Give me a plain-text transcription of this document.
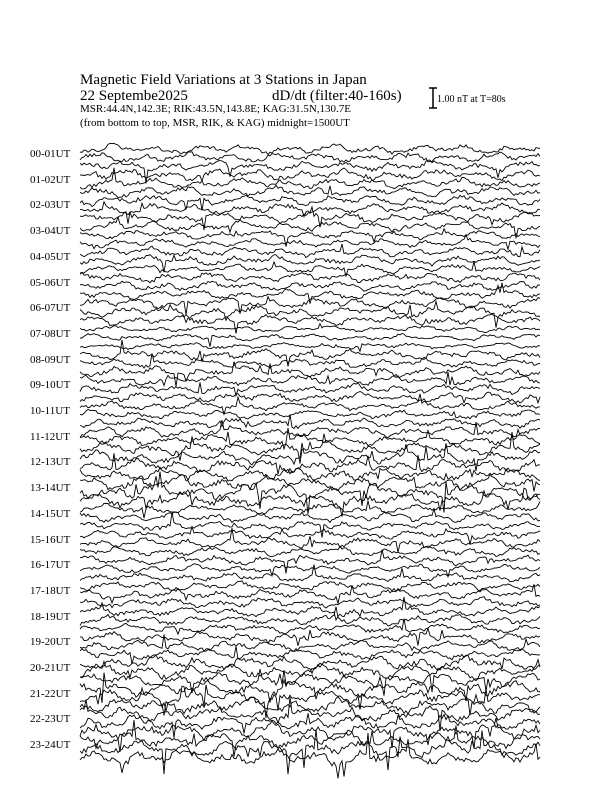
Magnetic Field Variations at 3 Stations in Japan
22 Septembe2025	dD/dt (filter:40-160s)
MSR:44.4N,142.3E; RIK:43.5N,143.8E; KAG:31.5N,130.7E
(from bottom to top, MSR, RIK, & KAG) midnight=1500UT
1.00 nT at T=80s
00-01UT
01-02UT
02-03UT
03-04UT
04-05UT
05-06UT
06-07UT
07-08UT
08-09UT
09-10UT
10-11UT
11-12UT
12-13UT
13-14UT
14-15UT
15-16UT
16-17UT
17-18UT
18-19UT
19-20UT
20-21UT
21-22UT
22-23UT
23-24UT
